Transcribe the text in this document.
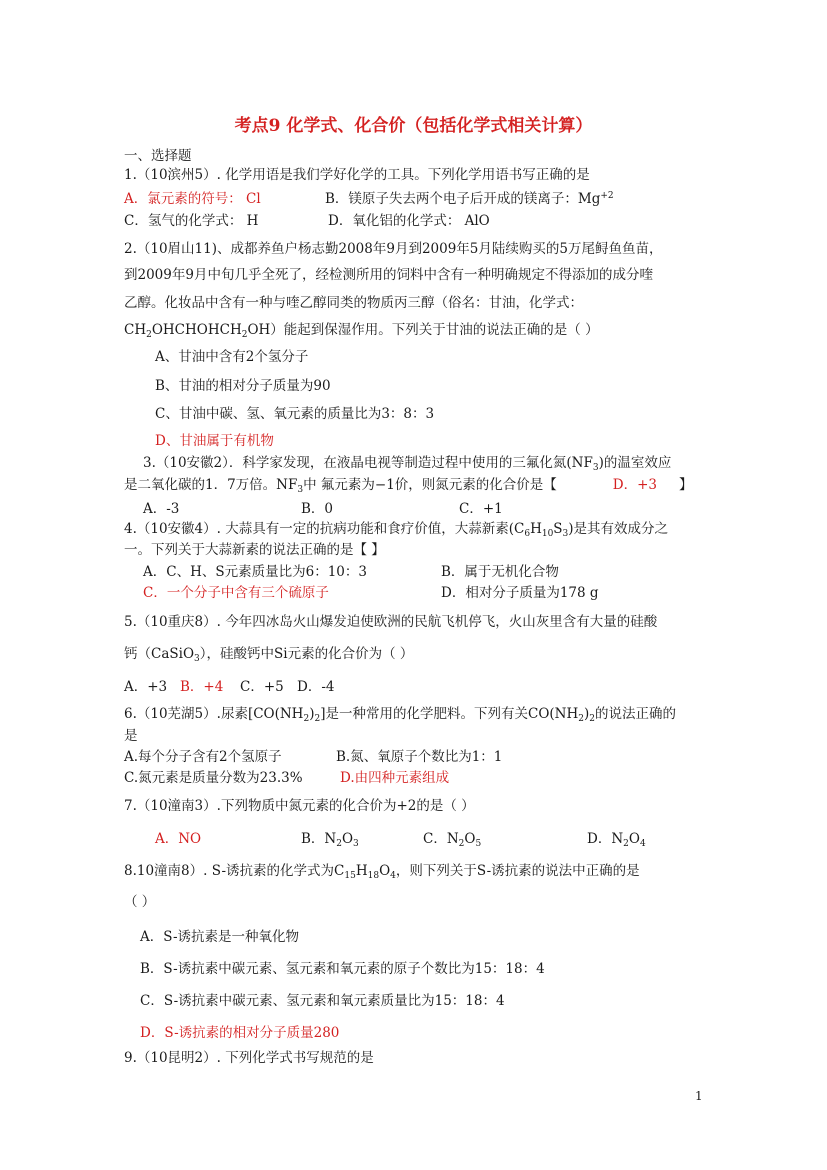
考点9 化学式、化合价（包括化学式相关计算）
一、选择题
1.（10滨州5）. 化学用语是我们学好化学的工具。下列化学用语书写正确的是
A．氯元素的符号： Cl	B．镁原子失去两个电子后开成的镁离子：$Mg^{+2}$
C．氢气的化学式： H	D．氧化铝的化学式： AlO
2.（10眉山11)、成都养鱼户杨志勤2008年9月到2009年5月陆续购买的5万尾鲟鱼鱼苗，
到2009年9月中旬几乎全死了，经检测所用的饲料中含有一种明确规定不得添加的成分喹
乙醇。化妆品中含有一种与喹乙醇同类的物质丙三醇（俗名：甘油，化学式：
$CH_2OHCHOHCH_2OH$）能起到保湿作用。下列关于甘油的说法正确的是（ ）
A、甘油中含有2个氢分子
B、甘油的相对分子质量为90
C、甘油中碳、氢、氧元素的质量比为3：8：3
D、甘油属于有机物
3.（10安徽2）．科学家发现，在液晶电视等制造过程中使用的三氟化氮$(NF_3)$的温室效应
是二氧化碳的1．7万倍。$NF_3$中 氟元素为−1价，则氮元素的化合价是【	D．+3 】
A．-3	B．0	C．+1
4.（10安徽4）. 大蒜具有一定的抗病功能和食疗价值，大蒜新素$(C_6H_{10}S_3)$是其有效成分之
一。下列关于大蒜新素的说法正确的是【 】
A．C、H、S元素质量比为6：10：3	B．属于无机化合物
C．一个分子中含有三个硫原子	D．相对分子质量为178 g
5.（10重庆8）. 今年四冰岛火山爆发迫使欧洲的民航飞机停飞，火山灰里含有大量的硅酸
钙（CaSiO$_3$），硅酸钙中Si元素的化合价为（ ）
A．+3 B．+4 C．+5 D．-4
6.（10芜湖5）.尿素$[CO(NH_2)_2]$是一种常用的化学肥料。下列有关$CO(NH_2)_2$的说法正确的
是
A.每个分子含有2个氢原子	B.氮、氧原子个数比为1：1
C.氮元素是质量分数为23.3%	D.由四种元素组成
7.（10潼南3）.下列物质中氮元素的化合价为+2的是（ ）
A．NO	B．$N_2O_3$	C．$N_2O_5$	D．$N_2O_4$
8.10潼南8）. S-诱抗素的化学式为$C_{15}H_{18}O_4$，则下列关于S-诱抗素的说法中正确的是
（ ）
A．S-诱抗素是一种氧化物
B．S-诱抗素中碳元素、氢元素和氧元素的原子个数比为15：18：4
C．S-诱抗素中碳元素、氢元素和氧元素质量比为15：18：4
D．S-诱抗素的相对分子质量280
9.（10昆明2）. 下列化学式书写规范的是
1
